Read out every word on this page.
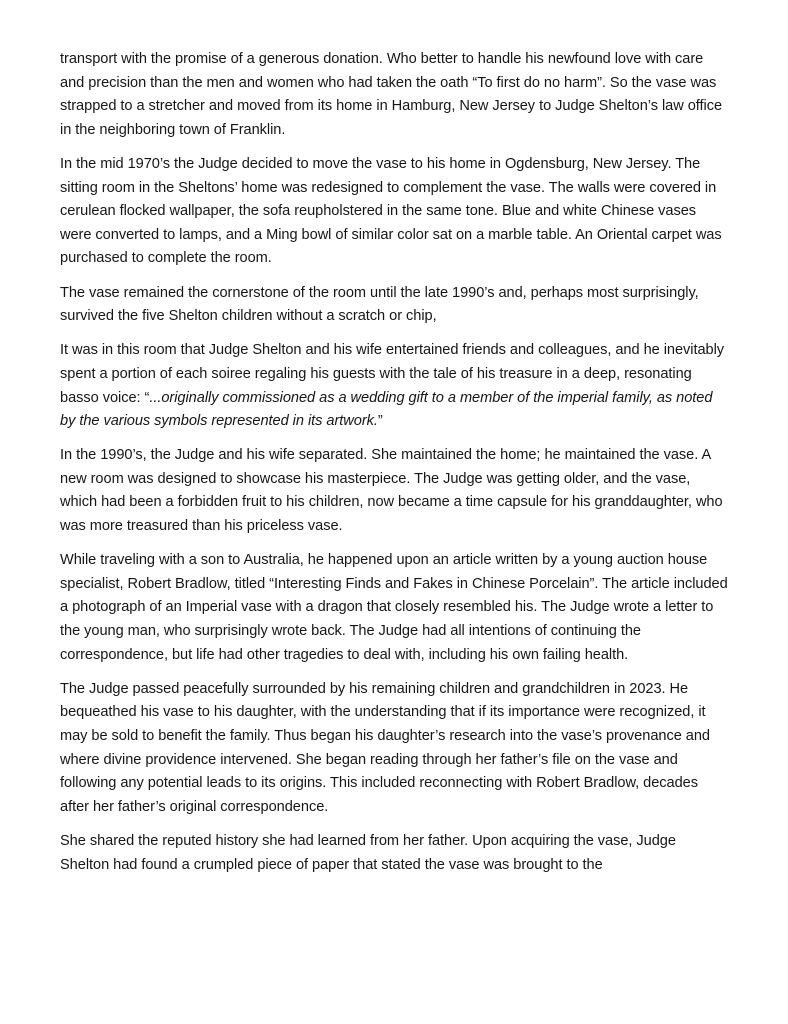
transport with the promise of a generous donation. Who better to handle his newfound love with care and precision than the men and women who had taken the oath “To first do no harm”. So the vase was strapped to a stretcher and moved from its home in Hamburg, New Jersey to Judge Shelton’s law office in the neighboring town of Franklin.

In the mid 1970’s the Judge decided to move the vase to his home in Ogdensburg, New Jersey. The sitting room in the Sheltons’ home was redesigned to complement the vase. The walls were covered in cerulean flocked wallpaper, the sofa reupholstered in the same tone. Blue and white Chinese vases were converted to lamps, and a Ming bowl of similar color sat on a marble table. An Oriental carpet was purchased to complete the room.

The vase remained the cornerstone of the room until the late 1990’s and, perhaps most surprisingly, survived the five Shelton children without a scratch or chip,

It was in this room that Judge Shelton and his wife entertained friends and colleagues, and he inevitably spent a portion of each soiree regaling his guests with the tale of his treasure in a deep, resonating basso voice: “...originally commissioned as a wedding gift to a member of the imperial family, as noted by the various symbols represented in its artwork.”

In the 1990’s, the Judge and his wife separated. She maintained the home; he maintained the vase. A new room was designed to showcase his masterpiece. The Judge was getting older, and the vase, which had been a forbidden fruit to his children, now became a time capsule for his granddaughter, who was more treasured than his priceless vase.

While traveling with a son to Australia, he happened upon an article written by a young auction house specialist, Robert Bradlow, titled “Interesting Finds and Fakes in Chinese Porcelain”. The article included a photograph of an Imperial vase with a dragon that closely resembled his. The Judge wrote a letter to the young man, who surprisingly wrote back. The Judge had all intentions of continuing the correspondence, but life had other tragedies to deal with, including his own failing health.

The Judge passed peacefully surrounded by his remaining children and grandchildren in 2023. He bequeathed his vase to his daughter, with the understanding that if its importance were recognized, it may be sold to benefit the family. Thus began his daughter’s research into the vase’s provenance and where divine providence intervened. She began reading through her father’s file on the vase and following any potential leads to its origins. This included reconnecting with Robert Bradlow, decades after her father’s original correspondence.

She shared the reputed history she had learned from her father. Upon acquiring the vase, Judge Shelton had found a crumpled piece of paper that stated the vase was brought to the
